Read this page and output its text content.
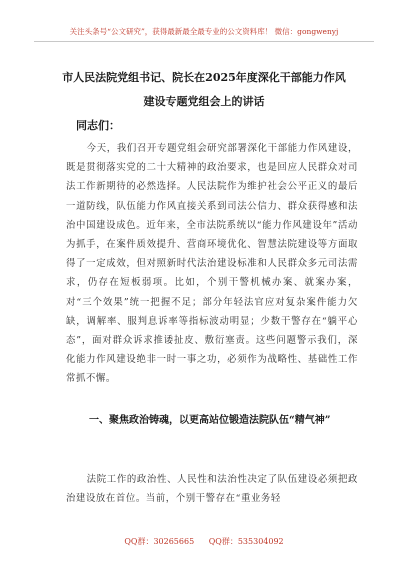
关注头条号“公文研究”，获得最新最全最专业的公文资料库！ 微信：gongwenyj
市人民法院党组书记、院长在2025年度深化干部能力作风
建设专题党组会上的讲话
同志们：
今天，我们召开专题党组会研究部署深化干部能力作风建设，既是贯彻落实党的二十大精神的政治要求，也是回应人民群众对司法工作新期待的必然选择。人民法院作为维护社会公平正义的最后一道防线，队伍能力作风直接关系到司法公信力、群众获得感和法治中国建设成色。近年来，全市法院系统以“能力作风建设年”活动为抓手，在案件质效提升、营商环境优化、智慧法院建设等方面取得了一定成效，但对照新时代法治建设标准和人民群众多元司法需求，仍存在短板弱项。比如，个别干警机械办案、就案办案，对“三个效果”统一把握不足；部分年轻法官应对复杂案件能力欠缺，调解率、服判息诉率等指标波动明显；少数干警存在“躺平心态”，面对群众诉求推诿扯皮、敷衍塞责。这些问题警示我们，深化能力作风建设绝非一时一事之功，必须作为战略性、基础性工作常抓不懈。
一、聚焦政治铸魂，以更高站位锻造法院队伍“精气神”
法院工作的政治性、人民性和法治性决定了队伍建设必须把政治建设放在首位。当前，个别干警存在“重业务轻
QQ群：30265665 QQ群：535304092
